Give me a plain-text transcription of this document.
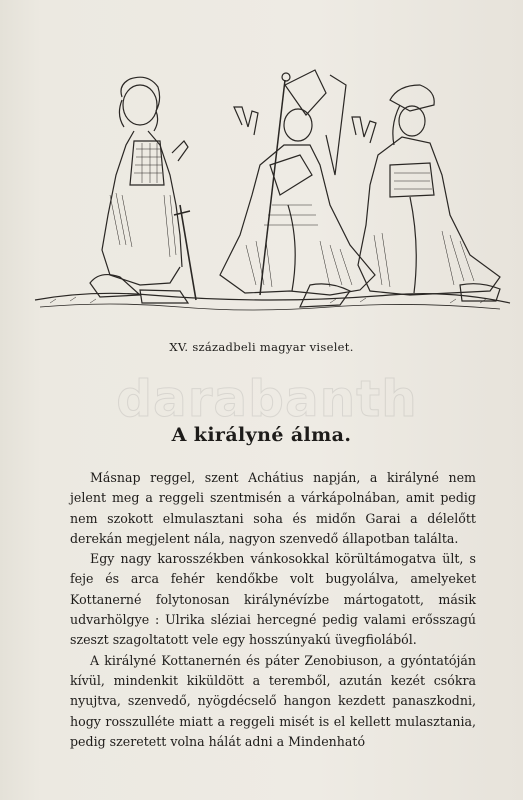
XV. századbeli magyar viselet.
darabanth
A királyné álma.

Másnap reggel, szent Achátius napján, a királyné nem jelent meg a reggeli szentmisén a várkápolnában, amit pedig nem szokott elmulasztani soha és midőn Garai a délelőtt derekán megjelent nála, nagyon szenvedő állapotban találta.

Egy nagy karosszékben vánkosokkal körültámogatva ült, s feje és arca fehér kendőkbe volt bugyolálva, amelyeket Kottanerné folytonosan királynévízbe mártogatott, másik udvarhölgye : Ulrika sléziai hercegné pedig valami erősszagú szeszt szagoltatott vele egy hosszúnyakú üvegfiolából.

A királyné Kottanernén és páter Zenobiuson, a gyóntatóján kívül, mindenkit kiküldött a teremből, azután kezét csókra nyujtva, szenvedő, nyögdécselő hangon kezdett panaszkodni, hogy rosszulléte miatt a reggeli misét is el kellett mulasztania, pedig szeretett volna hálát adni a Mindenható
